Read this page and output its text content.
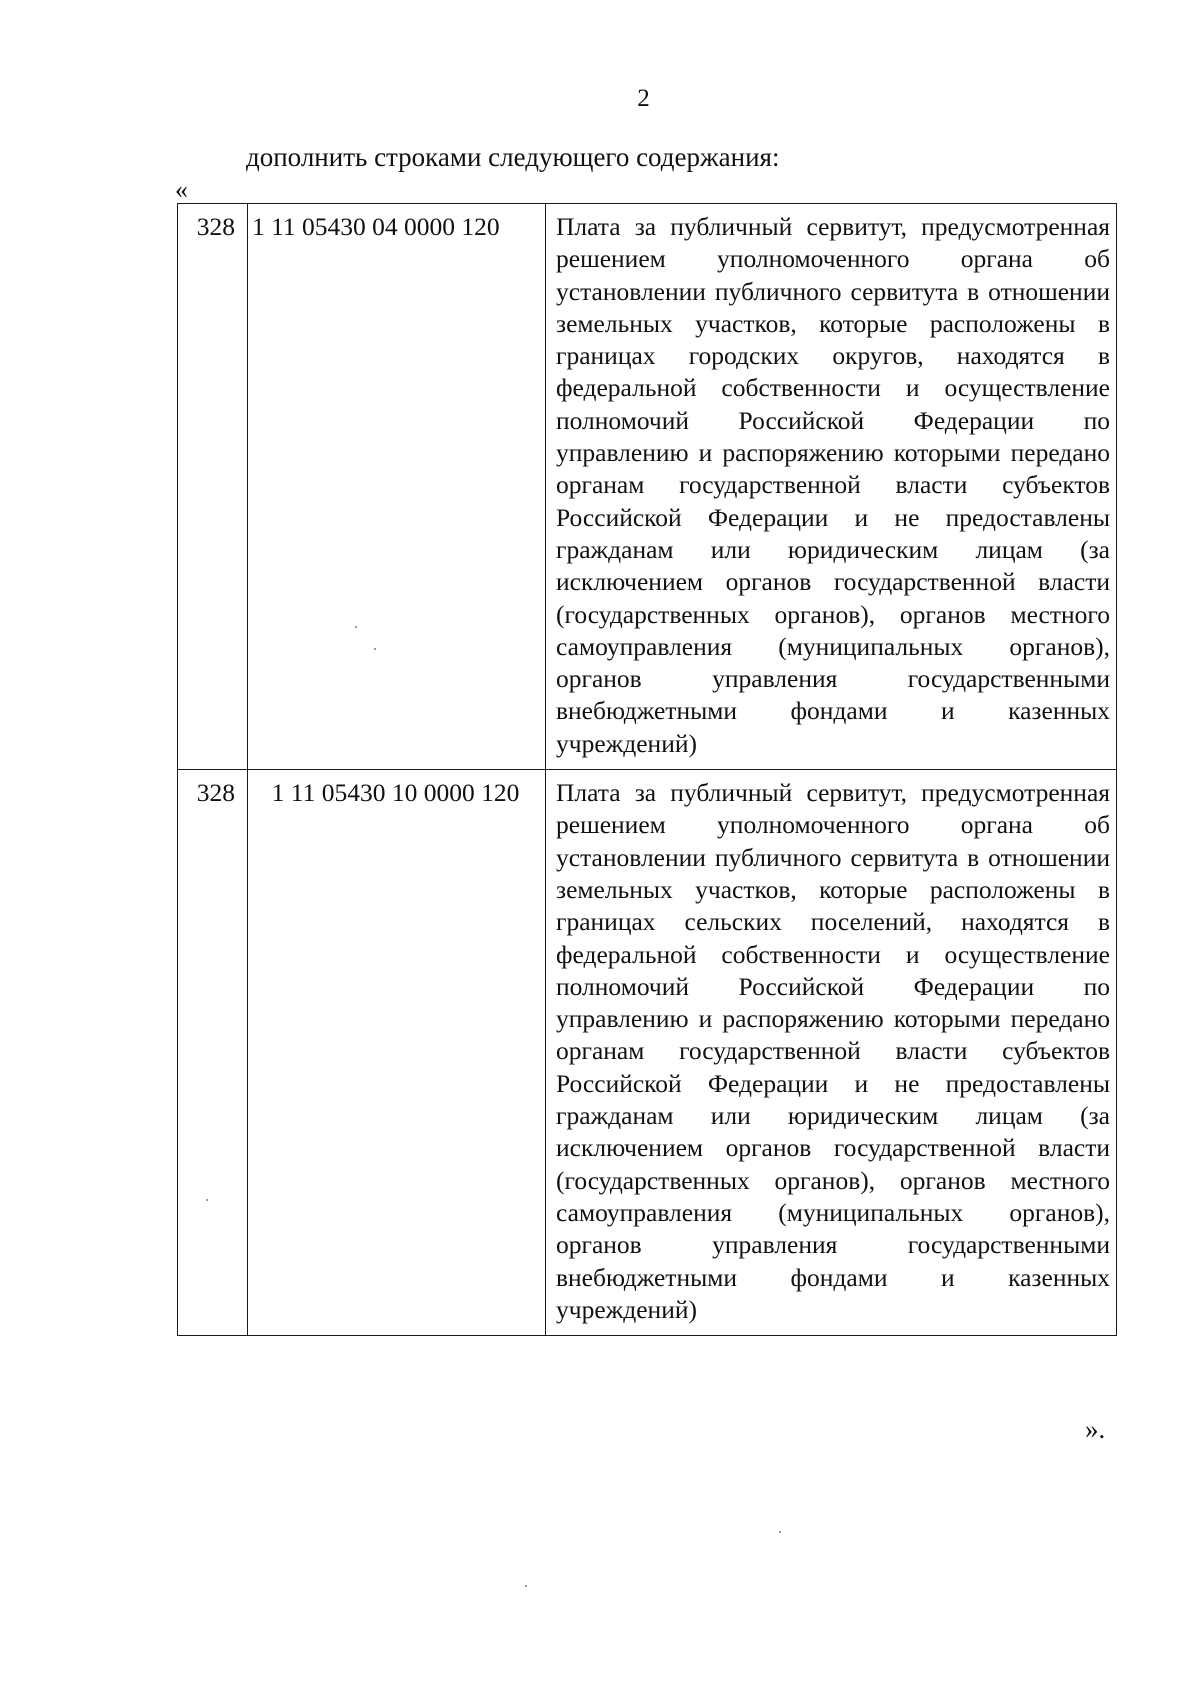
2
дополнить строками следующего содержания:
«
328	1 11 05430 04 0000 120	Плата за публичный сервитут, предусмотренная решением уполномоченного органа об установлении публичного сервитута в отношении земельных участков, которые расположены в границах городских округов, находятся в федеральной собственности и осуществление полномочий Российской Федерации по управлению и распоряжению которыми передано органам государственной власти субъектов Российской Федерации и не предоставлены гражданам или юридическим лицам (за исключением органов государственной власти (государственных органов), органов местного самоуправления (муниципальных органов), органов управления государственными внебюджетными фондами и казенных учреждений)
328	1 11 05430 10 0000 120	Плата за публичный сервитут, предусмотренная решением уполномоченного органа об установлении публичного сервитута в отношении земельных участков, которые расположены в границах сельских поселений, находятся в федеральной собственности и осуществление полномочий Российской Федерации по управлению и распоряжению которыми передано органам государственной власти субъектов Российской Федерации и не предоставлены гражданам или юридическим лицам (за исключением органов государственной власти (государственных органов), органов местного самоуправления (муниципальных органов), органов управления государственными внебюджетными фондами и казенных учреждений)
».
